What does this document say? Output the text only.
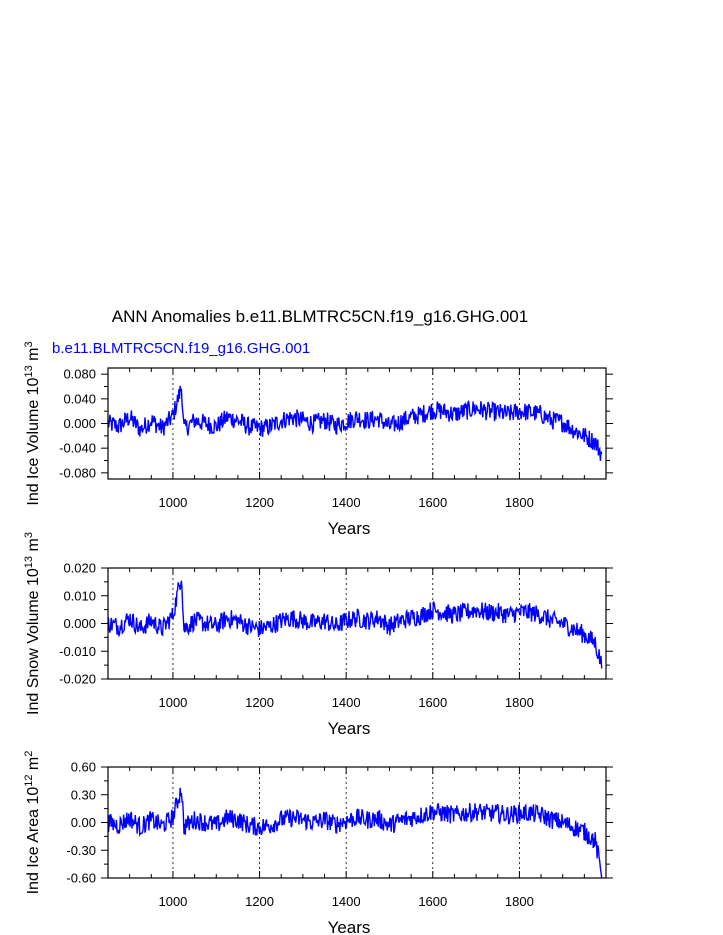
ANN Anomalies b.e11.BLMTRC5CN.f19_g16.GHG.001
b.e11.BLMTRC5CN.f19_g16.GHG.001
1000	1200	1400	1600	1800
Years
-0.080
-0.040
0.000
0.040
0.080
Ind Ice Volume $10^{13}$ $m^3$
1000	1200	1400	1600	1800
Years
-0.020
-0.010
0.000
0.010
0.020
Ind Snow Volume $10^{13}$ $m^3$
1000	1200	1400	1600	1800
Years
-0.60
-0.30
0.00
0.30
0.60
Ind Ice Area $10^{12}$ $m^2$
